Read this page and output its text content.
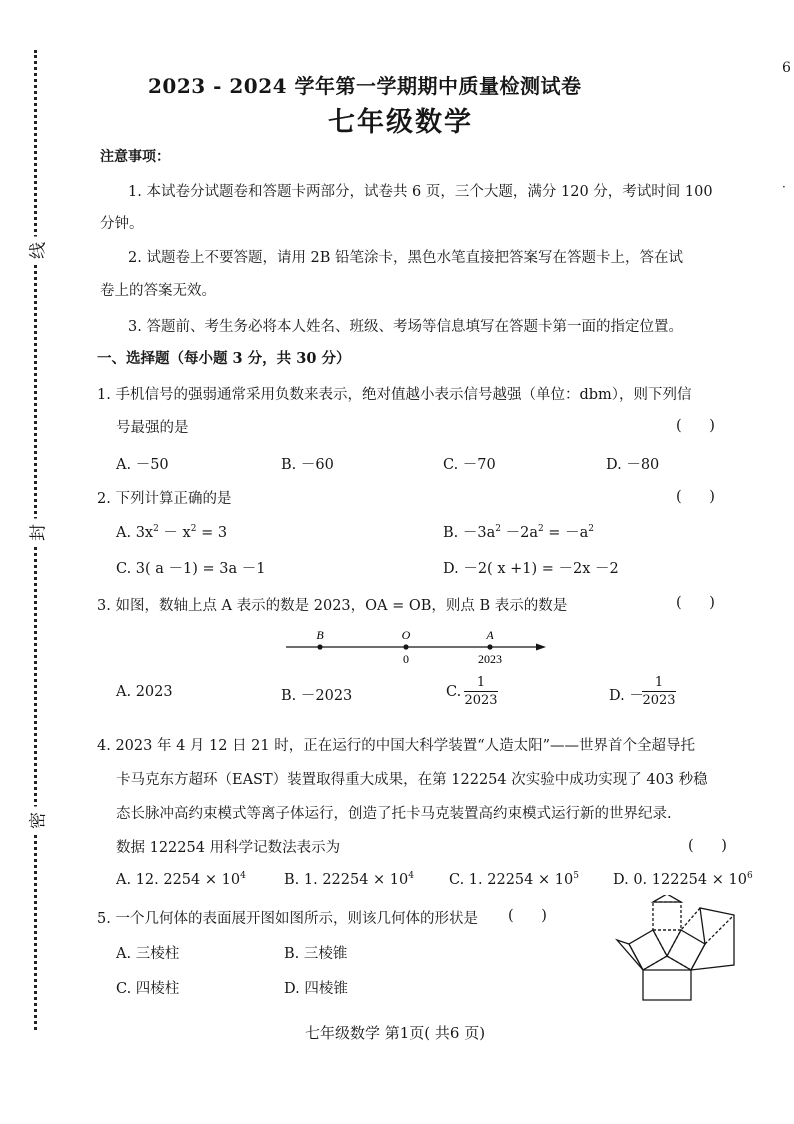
线
封
密
6
·
2023 - 2024 学年第一学期期中质量检测试卷
七年级数学
注意事项：
1. 本试卷分试题卷和答题卡两部分，试卷共 6 页，三个大题，满分 120 分，考试时间 100
分钟。
2. 试题卷上不要答题，请用 2B 铅笔涂卡，黑色水笔直接把答案写在答题卡上，答在试
卷上的答案无效。
3. 答题前、考生务必将本人姓名、班级、考场等信息填写在答题卡第一面的指定位置。
一、选择题（每小题 3 分，共 30 分）
1. 手机信号的强弱通常采用负数来表示，绝对值越小表示信号越强（单位：dbm），则下列信
号最强的是	(      )
A. －50	B. －60	C. －70	D. －80
2. 下列计算正确的是	(      )
A. $3x^2 - x^2 = 3$	B. $-3a^2 -2a^2 = -a^2$
C. 3( a －1) = 3a －1	D. －2( x +1) = －2x －2
3. 如图，数轴上点 A 表示的数是 2023，OA = OB，则点 B 表示的数是	(      )
B	O	A
0	2023
A. 2023	B. －2023	C. $\frac{1}{2023}$	D. －
$\frac{1}{2023}$
4. 2023 年 4 月 12 日 21 时，正在运行的中国大科学装置“人造太阳”——世界首个全超导托
卡马克东方超环（EAST）装置取得重大成果，在第 122254 次实验中成功实现了 403 秒稳
态长脉冲高约束模式等离子体运行，创造了托卡马克装置高约束模式运行新的世界纪录.
数据 122254 用科学记数法表示为	(      )
A. 12. $2254 \times 10^4$	B. 1. $22254 \times 10^4$ C. 1. $22254 \times 10^5$ D. 0. $122254 \times 10^6$
5. 一个几何体的表面展开图如图所示，则该几何体的形状是 (      )
A. 三棱柱	B. 三棱锥
C. 四棱柱	D. 四棱锥
七年级数学 第1页( 共6 页)
